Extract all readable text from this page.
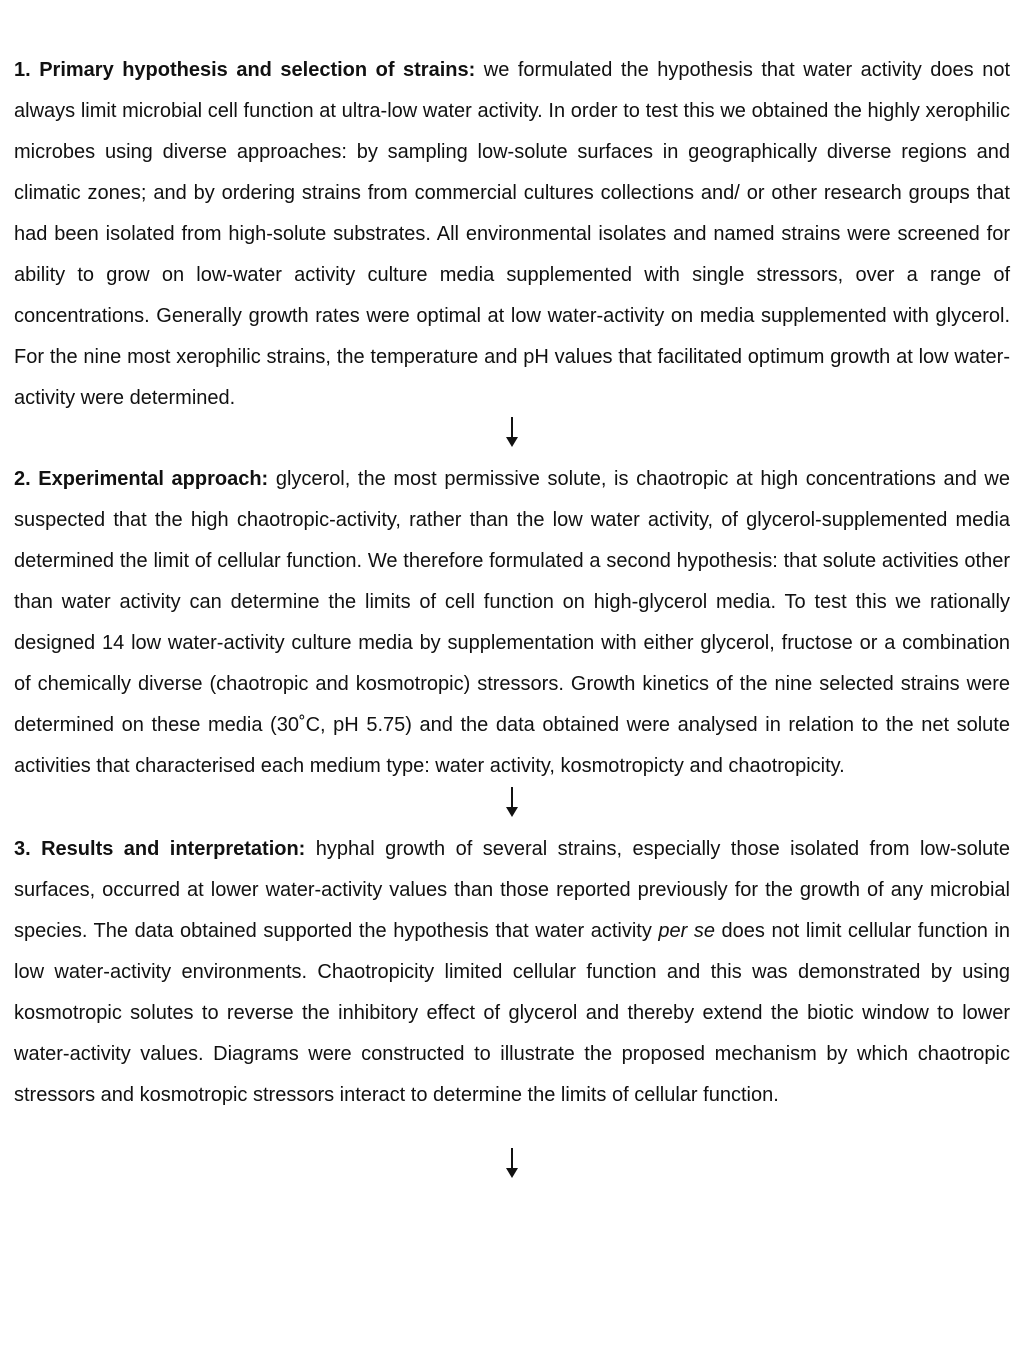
1. Primary hypothesis and selection of strains: we formulated the hypothesis that water activity does not always limit microbial cell function at ultra-low water activity. In order to test this we obtained the highly xerophilic microbes using diverse approaches: by sampling low-solute surfaces in geographically diverse regions and climatic zones; and by ordering strains from commercial cultures collections and/ or other research groups that had been isolated from high-solute substrates. All environmental isolates and named strains were screened for ability to grow on low-water activity culture media supplemented with single stressors, over a range of concentrations. Generally growth rates were optimal at low water-activity on media supplemented with glycerol. For the nine most xerophilic strains, the temperature and pH values that facilitated optimum growth at low water-activity were determined.

2. Experimental approach: glycerol, the most permissive solute, is chaotropic at high concentrations and we suspected that the high chaotropic-activity, rather than the low water activity, of glycerol-supplemented media determined the limit of cellular function. We therefore formulated a second hypothesis: that solute activities other than water activity can determine the limits of cell function on high-glycerol media. To test this we rationally designed 14 low water-activity culture media by supplementation with either glycerol, fructose or a combination of chemically diverse (chaotropic and kosmotropic) stressors. Growth kinetics of the nine selected strains were determined on these media (30˚C, pH 5.75) and the data obtained were analysed in relation to the net solute activities that characterised each medium type: water activity, kosmotropicty and chaotropicity.

3. Results and interpretation: hyphal growth of several strains, especially those isolated from low-solute surfaces, occurred at lower water-activity values than those reported previously for the growth of any microbial species. The data obtained supported the hypothesis that water activity per se does not limit cellular function in low water-activity environments. Chaotropicity limited cellular function and this was demonstrated by using kosmotropic solutes to reverse the inhibitory effect of glycerol and thereby extend the biotic window to lower water-activity values. Diagrams were constructed to illustrate the proposed mechanism by which chaotropic stressors and kosmotropic stressors interact to determine the limits of cellular function.
